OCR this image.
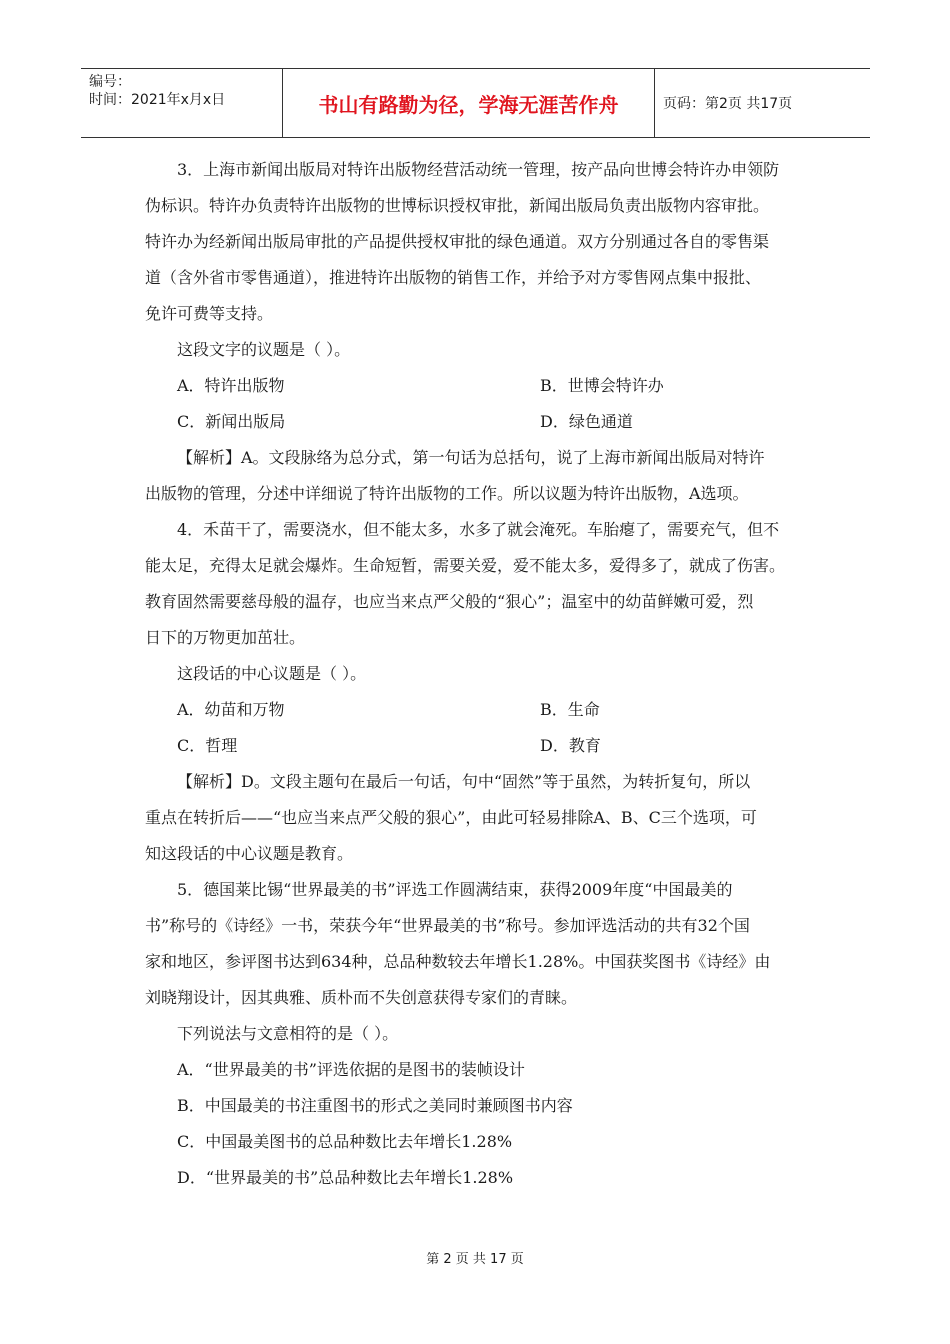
编号：
时间：2021年x月x日	书山有路勤为径，学海无涯苦作舟	页码：第2页 共17页
3．上海市新闻出版局对特许出版物经营活动统一管理，按产品向世博会特许办申领防
伪标识。特许办负责特许出版物的世博标识授权审批，新闻出版局负责出版物内容审批。
特许办为经新闻出版局审批的产品提供授权审批的绿色通道。双方分别通过各自的零售渠
道（含外省市零售通道），推进特许出版物的销售工作，并给予对方零售网点集中报批、
免许可费等支持。
这段文字的议题是（ ）。
A．特许出版物	B．世博会特许办
C．新闻出版局	D．绿色通道
【解析】A。文段脉络为总分式，第一句话为总括句，说了上海市新闻出版局对特许
出版物的管理，分述中详细说了特许出版物的工作。所以议题为特许出版物，A选项。
4．禾苗干了，需要浇水，但不能太多，水多了就会淹死。车胎瘪了，需要充气，但不
能太足，充得太足就会爆炸。生命短暂，需要关爱，爱不能太多，爱得多了，就成了伤害。
教育固然需要慈母般的温存，也应当来点严父般的“狠心”；温室中的幼苗鲜嫩可爱，烈
日下的万物更加茁壮。
这段话的中心议题是（ ）。
A．幼苗和万物	B．生命
C．哲理	D．教育
【解析】D。文段主题句在最后一句话，句中“固然”等于虽然，为转折复句，所以
重点在转折后——“也应当来点严父般的狠心”，由此可轻易排除A、B、C三个选项，可
知这段话的中心议题是教育。
5．德国莱比锡“世界最美的书”评选工作圆满结束，获得2009年度“中国最美的
书”称号的《诗经》一书，荣获今年“世界最美的书”称号。参加评选活动的共有32个国
家和地区，参评图书达到634种，总品种数较去年增长1.28%。中国获奖图书《诗经》由
刘晓翔设计，因其典雅、质朴而不失创意获得专家们的青睐。
下列说法与文意相符的是（ ）。
A．“世界最美的书”评选依据的是图书的装帧设计
B．中国最美的书注重图书的形式之美同时兼顾图书内容
C．中国最美图书的总品种数比去年增长1.28%
D．“世界最美的书”总品种数比去年增长1.28%
第 2 页 共 17 页
